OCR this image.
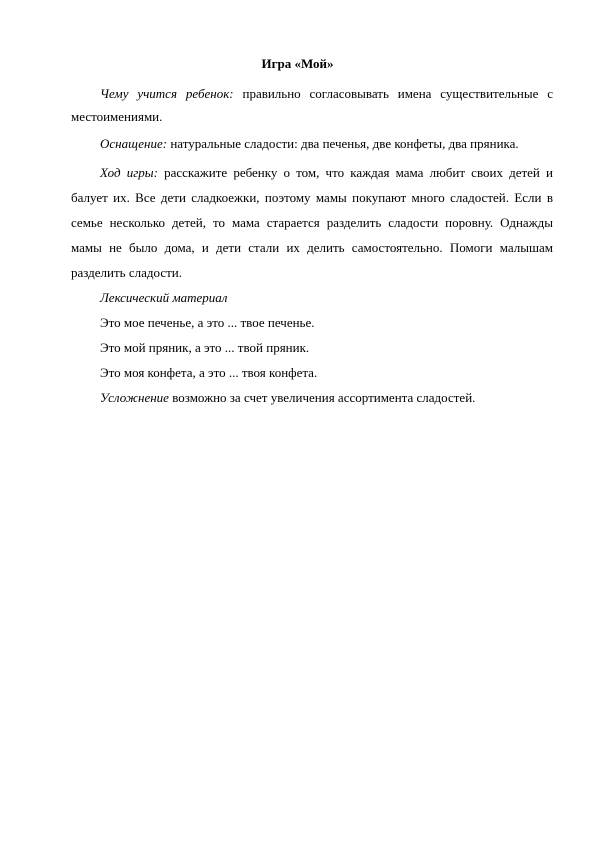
Игра «Мой»

Чему учится ребенок: правильно согласовывать имена существительные с местоимениями.

Оснащение: натуральные сладости: два печенья, две конфеты, два пряника.

Ход игры: расскажите ребенку о том, что каждая мама любит своих детей и балует их. Все дети сладкоежки, поэтому мамы покупают много сладостей. Если в семье несколько детей, то мама старается разделить сладости поровну. Однажды мамы не было дома, и дети стали их делить самостоятельно. Помоги малышам разделить сладости.

Лексический материал

Это мое печенье, а это ... твое печенье.

Это мой пряник, а это ... твой пряник.

Это моя конфета, а это ... твоя конфета.

Усложнение возможно за счет увеличения ассортимента сладостей.
